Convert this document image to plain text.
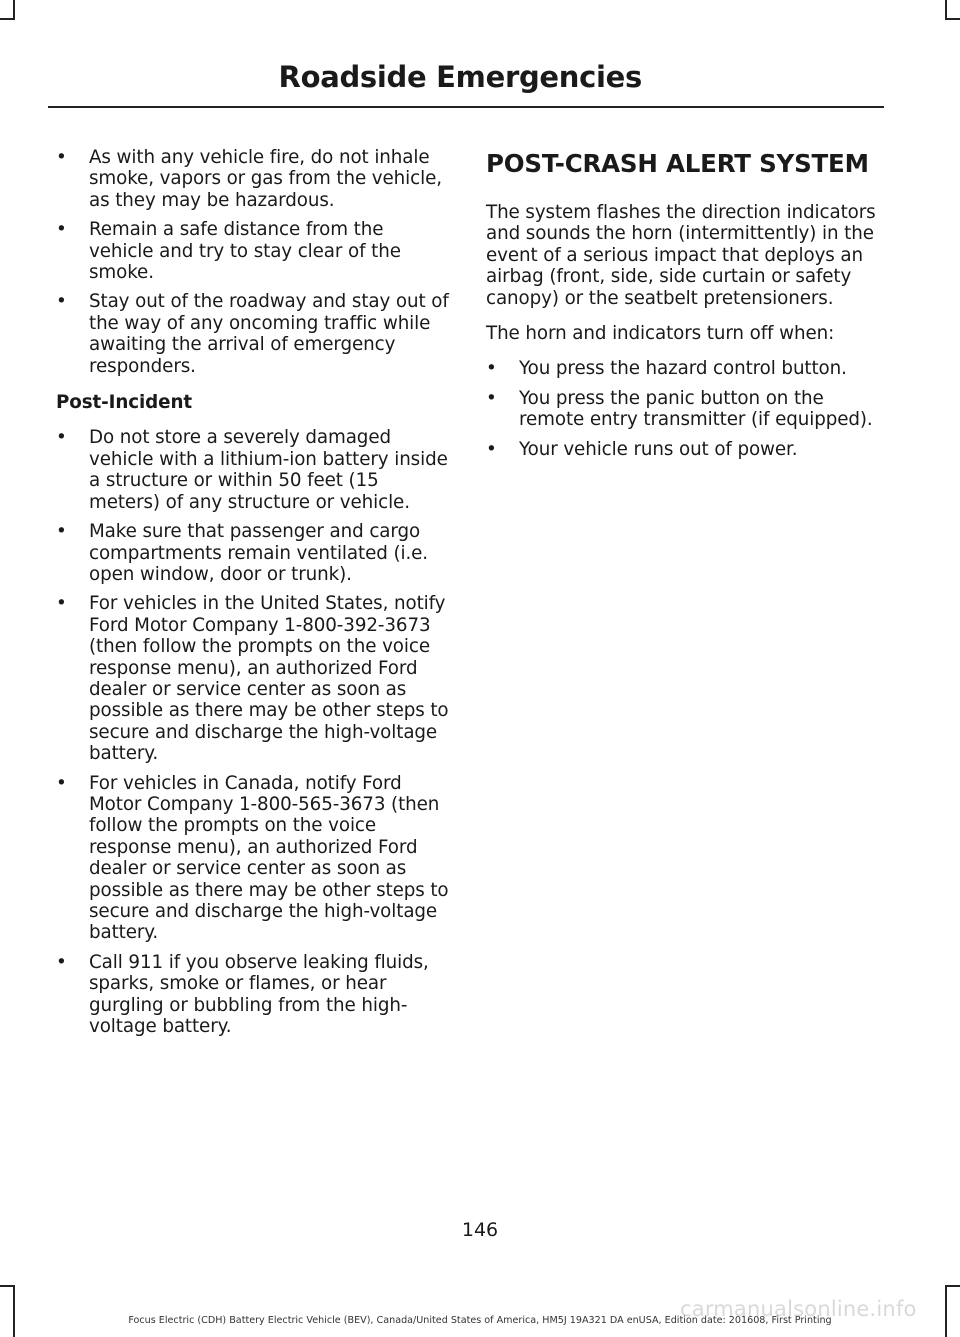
Roadside Emergencies
• As with any vehicle fire, do not inhale smoke, vapors or gas from the vehicle, as they may be hazardous.
• Remain a safe distance from the vehicle and try to stay clear of the smoke.
• Stay out of the roadway and stay out of the way of any oncoming traffic while awaiting the arrival of emergency responders.
Post-Incident
• Do not store a severely damaged vehicle with a lithium-ion battery inside a structure or within 50 feet (15 meters) of any structure or vehicle.
• Make sure that passenger and cargo compartments remain ventilated (i.e. open window, door or trunk).
• For vehicles in the United States, notify Ford Motor Company 1-800-392-3673 (then follow the prompts on the voice response menu), an authorized Ford dealer or service center as soon as possible as there may be other steps to secure and discharge the high-voltage battery.
• For vehicles in Canada, notify Ford Motor Company 1-800-565-3673 (then follow the prompts on the voice response menu), an authorized Ford dealer or service center as soon as possible as there may be other steps to secure and discharge the high-voltage battery.
• Call 911 if you observe leaking fluids, sparks, smoke or flames, or hear gurgling or bubbling from the high-voltage battery.
POST-CRASH ALERT SYSTEM

The system flashes the direction indicators and sounds the horn (intermittently) in the event of a serious impact that deploys an airbag (front, side, side curtain or safety canopy) or the seatbelt pretensioners.

The horn and indicators turn off when:

• You press the hazard control button.
• You press the panic button on the remote entry transmitter (if equipped).
• Your vehicle runs out of power.
146
carmanualsonline.info
Focus Electric (CDH) Battery Electric Vehicle (BEV), Canada/United States of America, HM5J 19A321 DA enUSA, Edition date: 201608, First Printing
